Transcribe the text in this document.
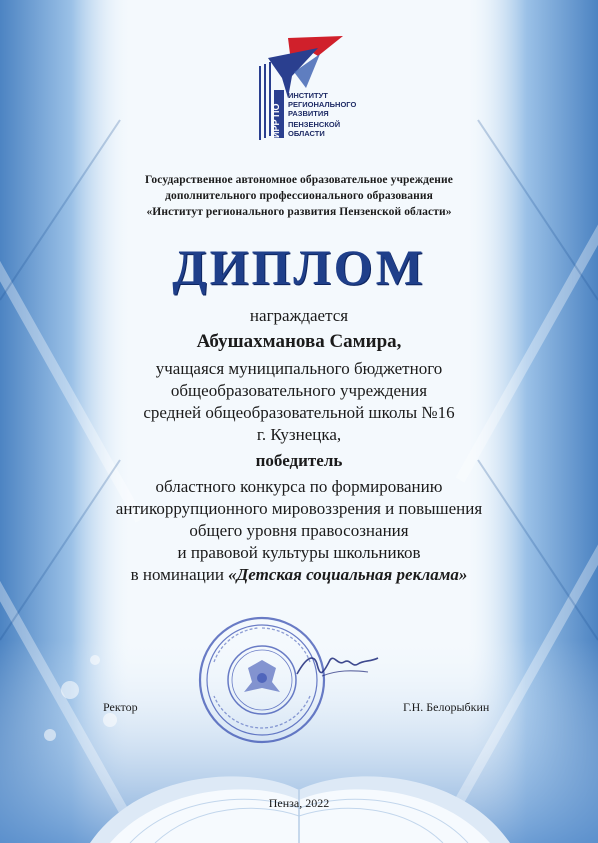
ИРР ПО
ИНСТИТУТ
РЕГИОНАЛЬНОГО
РАЗВИТИЯ
ПЕНЗЕНСКОЙ
ОБЛАСТИ
Государственное автономное образовательное учреждение
дополнительного профессионального образования
«Институт регионального развития Пензенской области»
ДИПЛОМ
награждается
Абушахманова Самира,
учащаяся муниципального бюджетного
общеобразовательного учреждения
средней общеобразовательной школы №16
г. Кузнецка,
победитель
областного конкурса по формированию
антикоррупционного мировоззрения и повышения
общего уровня правосознания
и правовой культуры школьников
в номинации «Детская социальная реклама»
Ректор	Г.Н. Белорыбкин
Пенза, 2022
